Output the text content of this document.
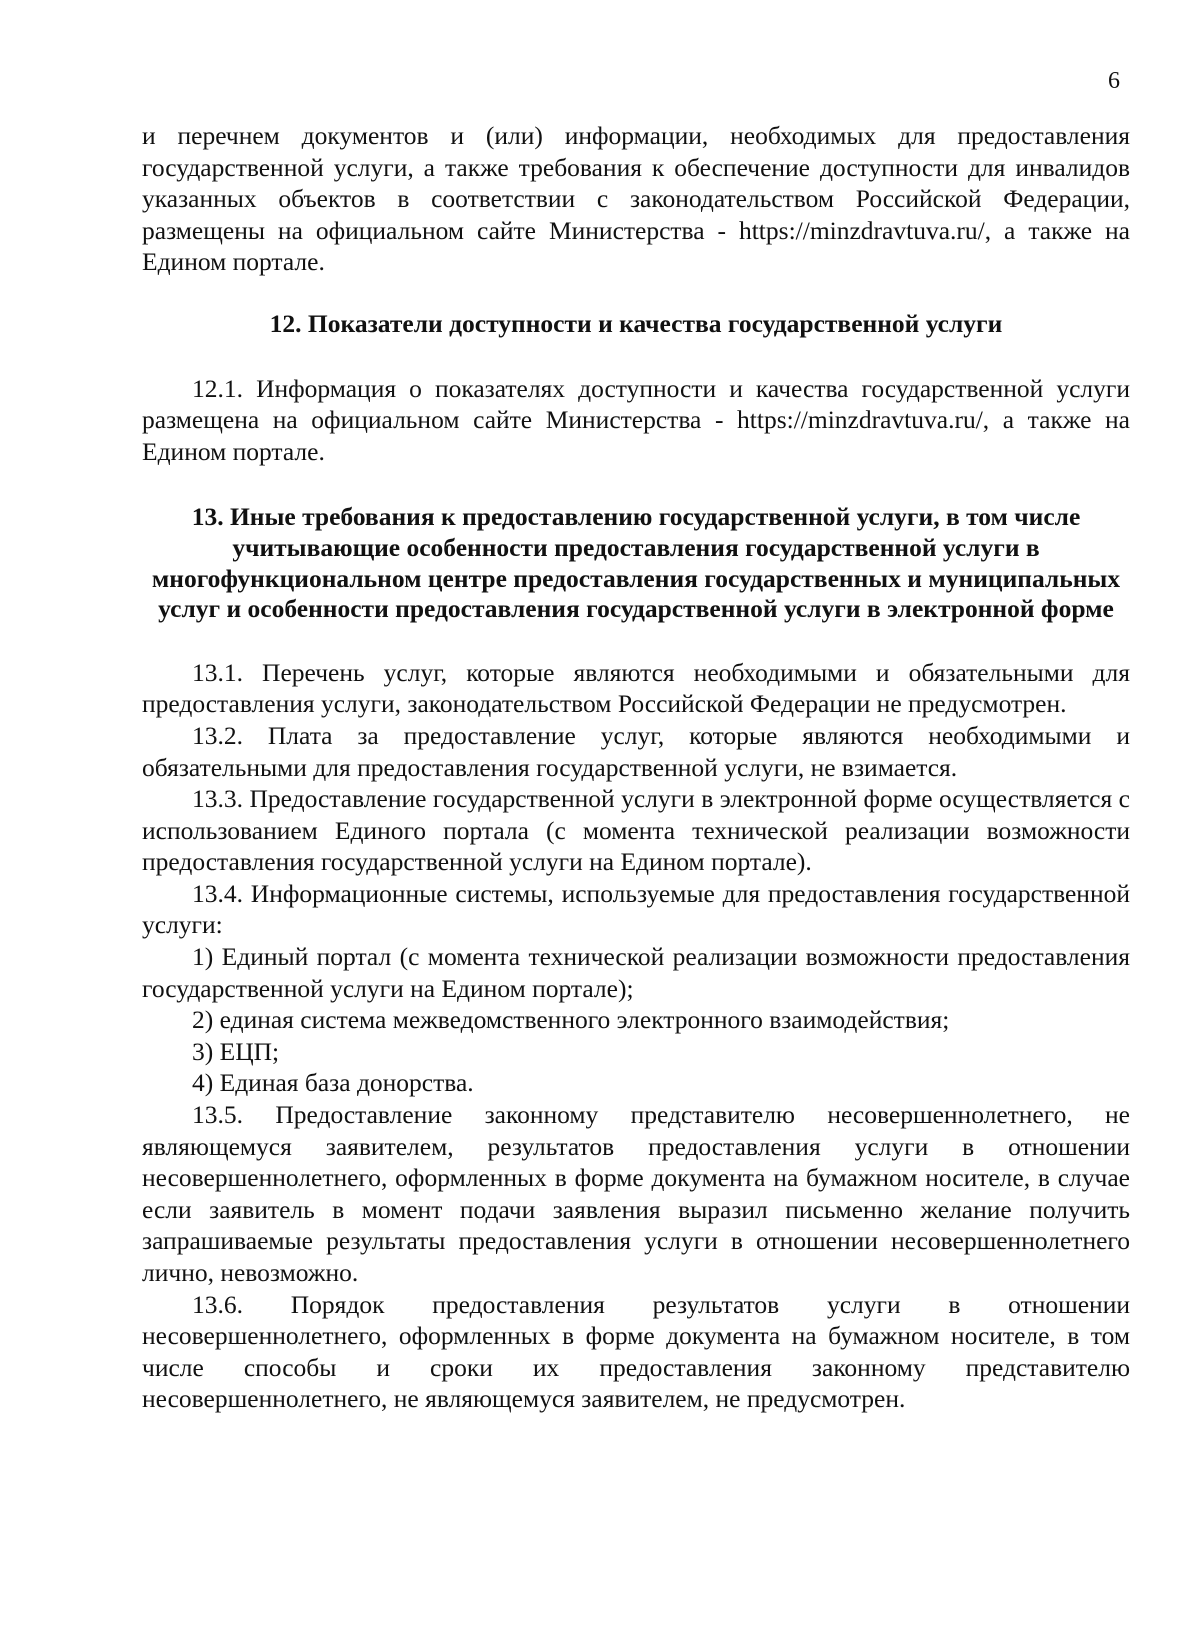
6

и перечнем документов и (или) информации, необходимых для предоставления государственной услуги, а также требования к обеспечение доступности для инвалидов указанных объектов в соответствии с законодательством Российской Федерации, размещены на официальном сайте Министерства - https://minzdravtuva.ru/, а также на Едином портале.

12. Показатели доступности и качества государственной услуги

12.1. Информация о показателях доступности и качества государственной услуги размещена на официальном сайте Министерства - https://minzdravtuva.ru/, а также на Едином портале.

13. Иные требования к предоставлению государственной услуги, в том числе учитывающие особенности предоставления государственной услуги в многофункциональном центре предоставления государственных и муниципальных услуг и особенности предоставления государственной услуги в электронной форме

13.1. Перечень услуг, которые являются необходимыми и обязательными для предоставления услуги, законодательством Российской Федерации не предусмотрен.

13.2. Плата за предоставление услуг, которые являются необходимыми и обязательными для предоставления государственной услуги, не взимается.

13.3. Предоставление государственной услуги в электронной форме осуществляется с использованием Единого портала (с момента технической реализации возможности предоставления государственной услуги на Едином портале).

13.4. Информационные системы, используемые для предоставления государственной услуги:

1) Единый портал (с момента технической реализации возможности предоставления государственной услуги на Едином портале);

2) единая система межведомственного электронного взаимодействия;

3) ЕЦП;

4) Единая база донорства.

13.5. Предоставление законному представителю несовершеннолетнего, не являющемуся заявителем, результатов предоставления услуги в отношении несовершеннолетнего, оформленных в форме документа на бумажном носителе, в случае если заявитель в момент подачи заявления выразил письменно желание получить запрашиваемые результаты предоставления услуги в отношении несовершеннолетнего лично, невозможно.

13.6. Порядок предоставления результатов услуги в отношении несовершеннолетнего, оформленных в форме документа на бумажном носителе, в том числе способы и сроки их предоставления законному представителю несовершеннолетнего, не являющемуся заявителем, не предусмотрен.
